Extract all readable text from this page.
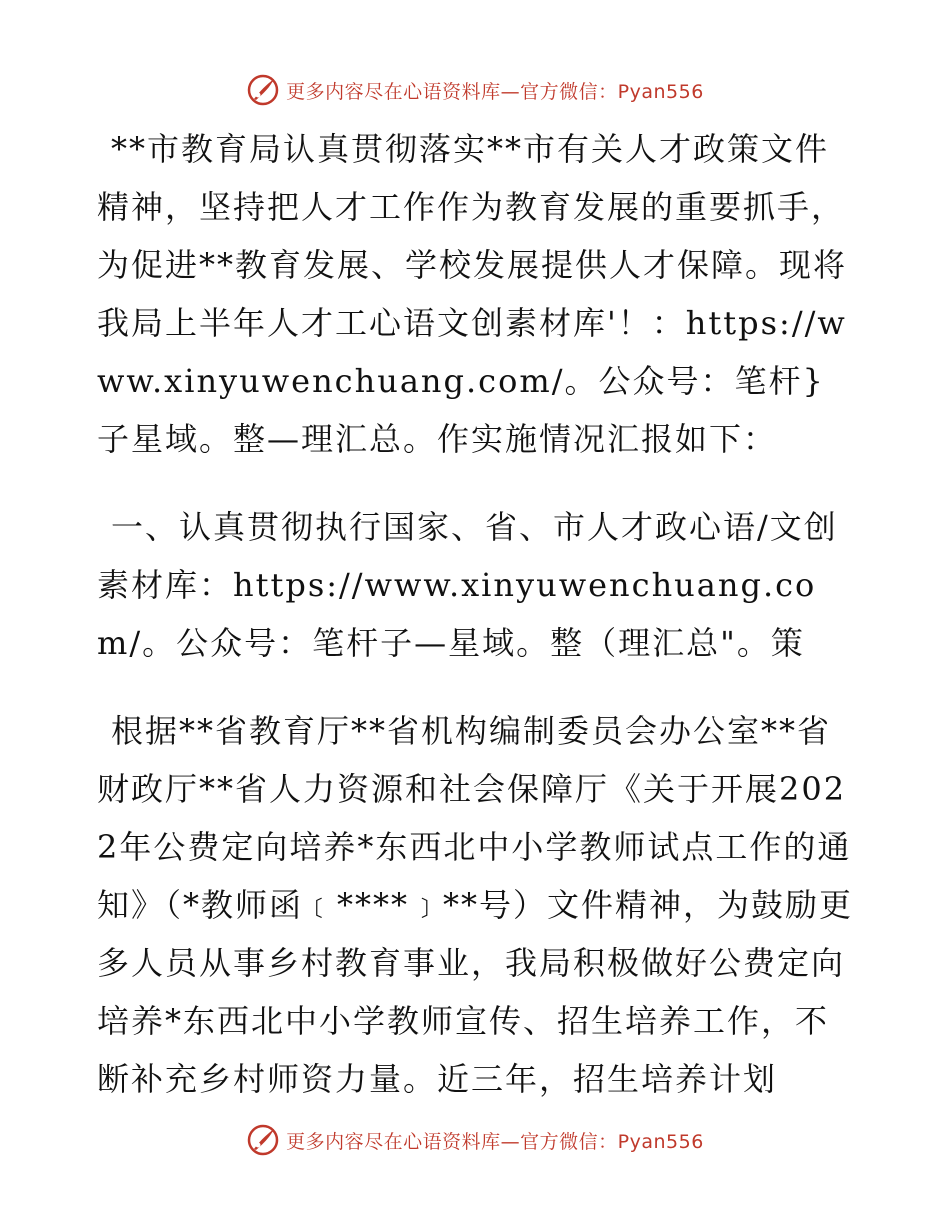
更多内容尽在心语资料库—官方微信：Pyan556

**市教育局认真贯彻落实**市有关人才政策文件精神，坚持把人才工作作为教育发展的重要抓手，为促进**教育发展、学校发展提供人才保障。现将我局上半年人才工心语文创素材库'！：https://www.xinyuwenchuang.com/。公众号：笔杆}子星域。整—理汇总。作实施情况汇报如下：

一、认真贯彻执行国家、省、市人才政心语/文创素材库：https://www.xinyuwenchuang.com/。公众号：笔杆子—星域。整（理汇总"。策

根据**省教育厅**省机构编制委员会办公室**省财政厅**省人力资源和社会保障厅《关于开展2022年公费定向培养*东西北中小学教师试点工作的通知》（*教师函﹝****﹞**号）文件精神，为鼓励更多人员从事乡村教育事业，我局积极做好公费定向培养*东西北中小学教师宣传、招生培养工作，不断补充乡村师资力量。近三年，招生培养计划

更多内容尽在心语资料库—官方微信：Pyan556
